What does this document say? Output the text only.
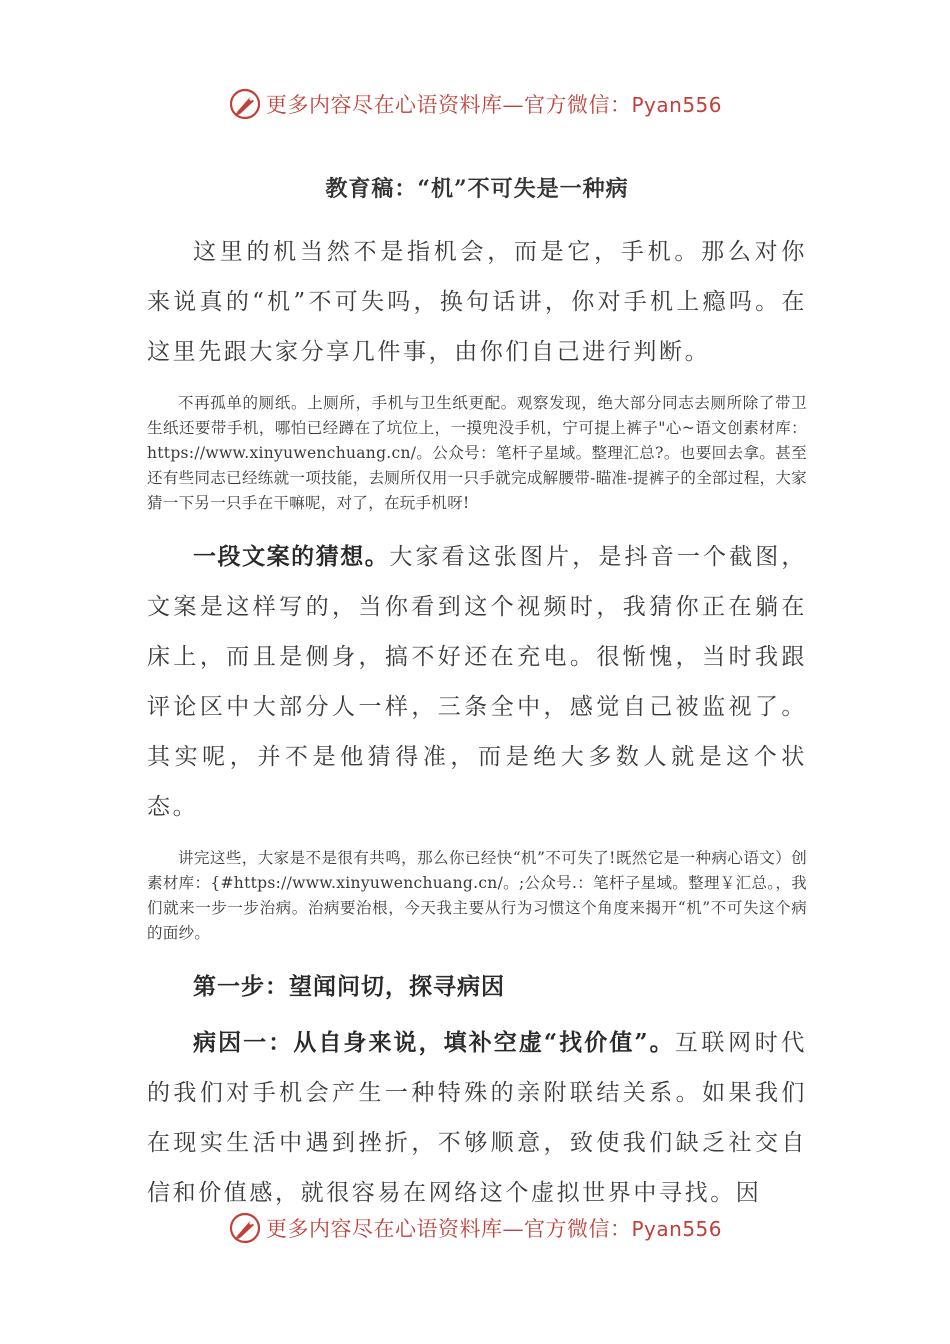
更多内容尽在心语资料库—官方微信：Pyan556
教育稿：“机”不可失是一种病

这里的机当然不是指机会，而是它，手机。那么对你来说真的“机”不可失吗，换句话讲，你对手机上瘾吗。在这里先跟大家分享几件事，由你们自己进行判断。

不再孤单的厕纸。上厕所，手机与卫生纸更配。观察发现，绝大部分同志去厕所除了带卫生纸还要带手机，哪怕已经蹲在了坑位上，一摸兜没手机，宁可提上裤子"心~语文创素材库：https://www.xinyuwenchuang.cn/。公众号：笔杆子星域。整理汇总?。也要回去拿。甚至还有些同志已经练就一项技能，去厕所仅用一只手就完成解腰带-瞄准-提裤子的全部过程，大家猜一下另一只手在干嘛呢，对了，在玩手机呀!

一段文案的猜想。大家看这张图片，是抖音一个截图，文案是这样写的，当你看到这个视频时，我猜你正在躺在床上，而且是侧身，搞不好还在充电。很惭愧，当时我跟评论区中大部分人一样，三条全中，感觉自己被监视了。其实呢，并不是他猜得准，而是绝大多数人就是这个状态。

讲完这些，大家是不是很有共鸣，那么你已经快“机”不可失了!既然它是一种病心语文）创素材库：{#https://www.xinyuwenchuang.cn/。;公众号.：笔杆子星域。整理￥汇总。，我们就来一步一步治病。治病要治根，今天我主要从行为习惯这个角度来揭开“机”不可失这个病的面纱。

第一步：望闻问切，探寻病因

病因一：从自身来说，填补空虚“找价值”。互联网时代的我们对手机会产生一种特殊的亲附联结关系。如果我们在现实生活中遇到挫折，不够顺意，致使我们缺乏社交自信和价值感，就很容易在网络这个虚拟世界中寻找。因

更多内容尽在心语资料库—官方微信：Pyan556
